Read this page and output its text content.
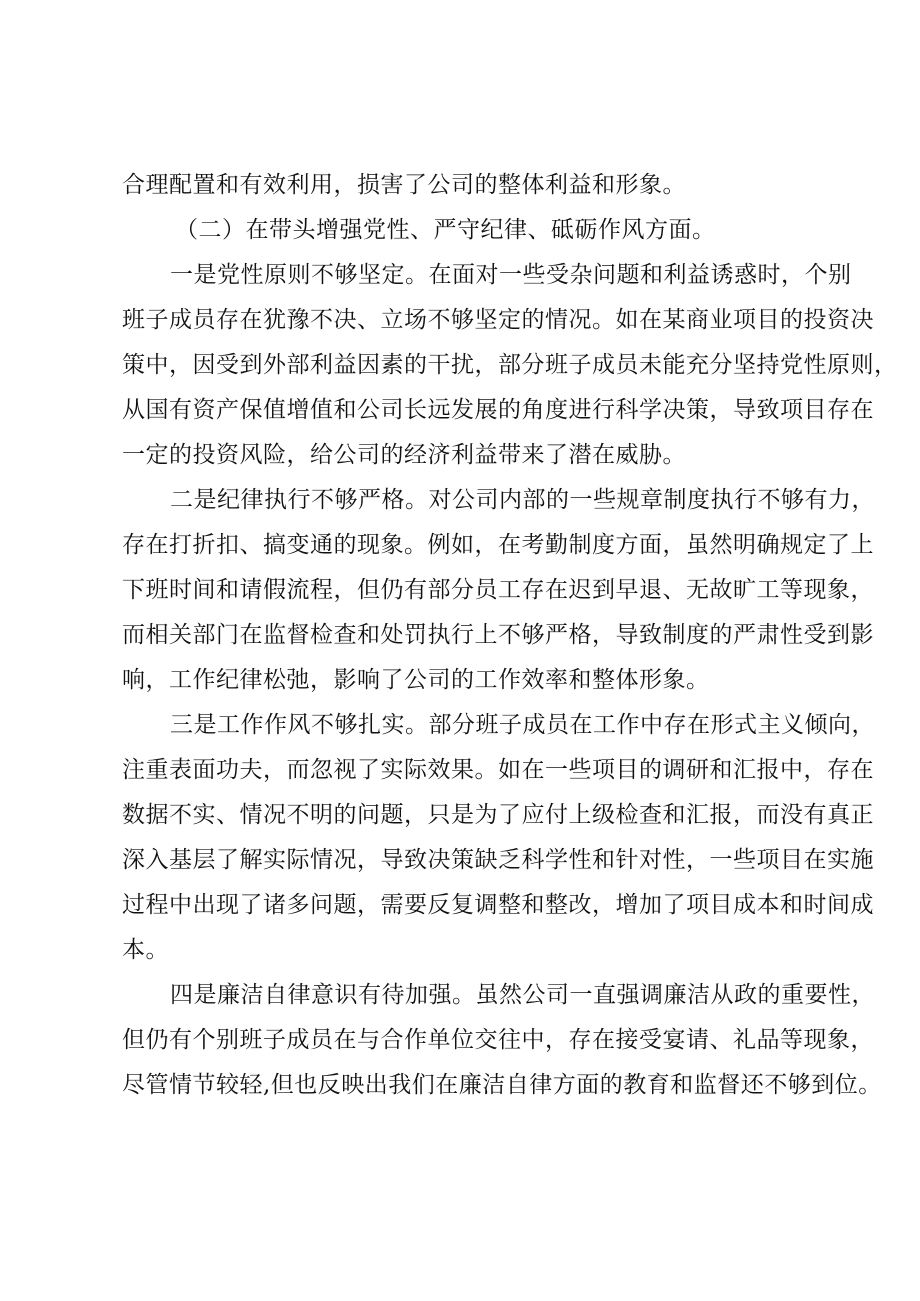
合理配置和有效利用，损害了公司的整体利益和形象。
（二）在带头增强党性、严守纪律、砥砺作风方面。
一是党性原则不够坚定。在面对一些受杂问题和利益诱惑时，个别
班子成员存在犹豫不决、立场不够坚定的情况。如在某商业项目的投资决
策中，因受到外部利益因素的干扰，部分班子成员未能充分坚持党性原则，
从国有资产保值增值和公司长远发展的角度进行科学决策，导致项目存在
一定的投资风险，给公司的经济利益带来了潜在威胁。
二是纪律执行不够严格。对公司内部的一些规章制度执行不够有力，
存在打折扣、搞变通的现象。例如，在考勤制度方面，虽然明确规定了上
下班时间和请假流程，但仍有部分员工存在迟到早退、无故旷工等现象，
而相关部门在监督检查和处罚执行上不够严格，导致制度的严肃性受到影
响，工作纪律松弛，影响了公司的工作效率和整体形象。
三是工作作风不够扎实。部分班子成员在工作中存在形式主义倾向，
注重表面功夫，而忽视了实际效果。如在一些项目的调研和汇报中，存在
数据不实、情况不明的问题，只是为了应付上级检查和汇报，而没有真正
深入基层了解实际情况，导致决策缺乏科学性和针对性，一些项目在实施
过程中出现了诸多问题，需要反复调整和整改，增加了项目成本和时间成
本。
四是廉洁自律意识有待加强。虽然公司一直强调廉洁从政的重要性，
但仍有个别班子成员在与合作单位交往中，存在接受宴请、礼品等现象，
尽管情节较轻,但也反映出我们在廉洁自律方面的教育和监督还不够到位。
